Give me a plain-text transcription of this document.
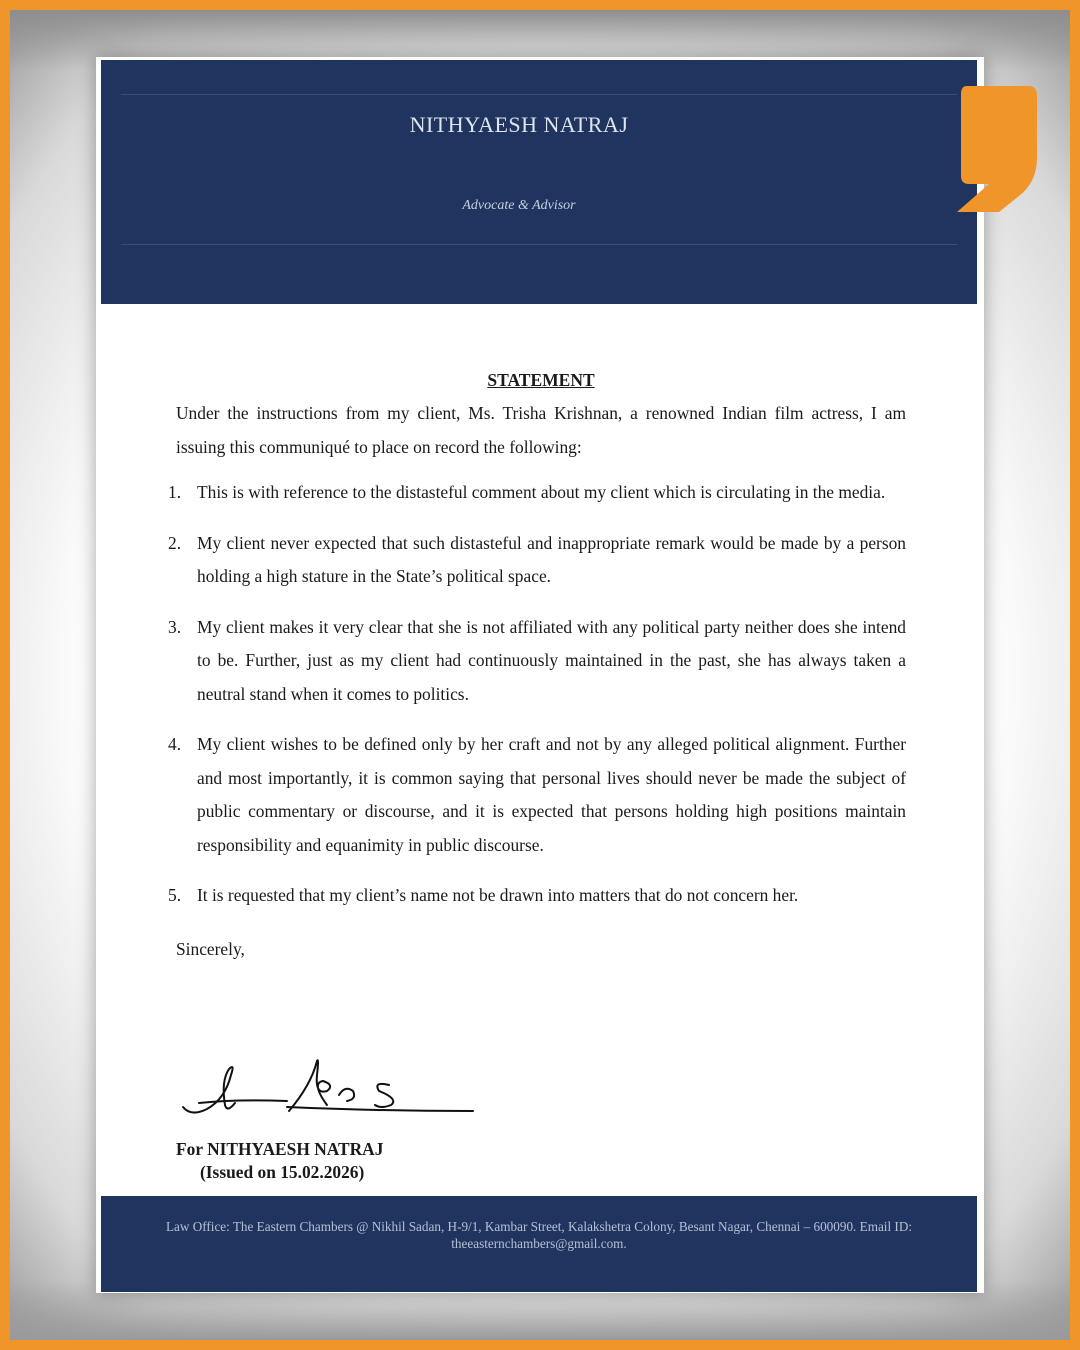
NITHYAESH NATRAJ
Advocate & Advisor
Law Office: The Eastern Chambers @ Nikhil Sadan, H-9/1, Kambar Street, Kalakshetra Colony, Besant Nagar, Chennai – 600090. Email ID: theeasternchambers@gmail.com.
STATEMENT
Under the instructions from my client, Ms. Trisha Krishnan, a renowned Indian film actress, I am issuing this communiqué to place on record the following:
1. This is with reference to the distasteful comment about my client which is circulating in the media.
2. My client never expected that such distasteful and inappropriate remark would be made by a person holding a high stature in the State’s political space.
3. My client makes it very clear that she is not affiliated with any political party neither does she intend to be. Further, just as my client had continuously maintained in the past, she has always taken a neutral stand when it comes to politics.
4. My client wishes to be defined only by her craft and not by any alleged political alignment. Further and most importantly, it is common saying that personal lives should never be made the subject of public commentary or discourse, and it is expected that persons holding high positions maintain responsibility and equanimity in public discourse.
5. It is requested that my client’s name not be drawn into matters that do not concern her.
Sincerely,
For NITHYAESH NATRAJ
(Issued on 15.02.2026)
